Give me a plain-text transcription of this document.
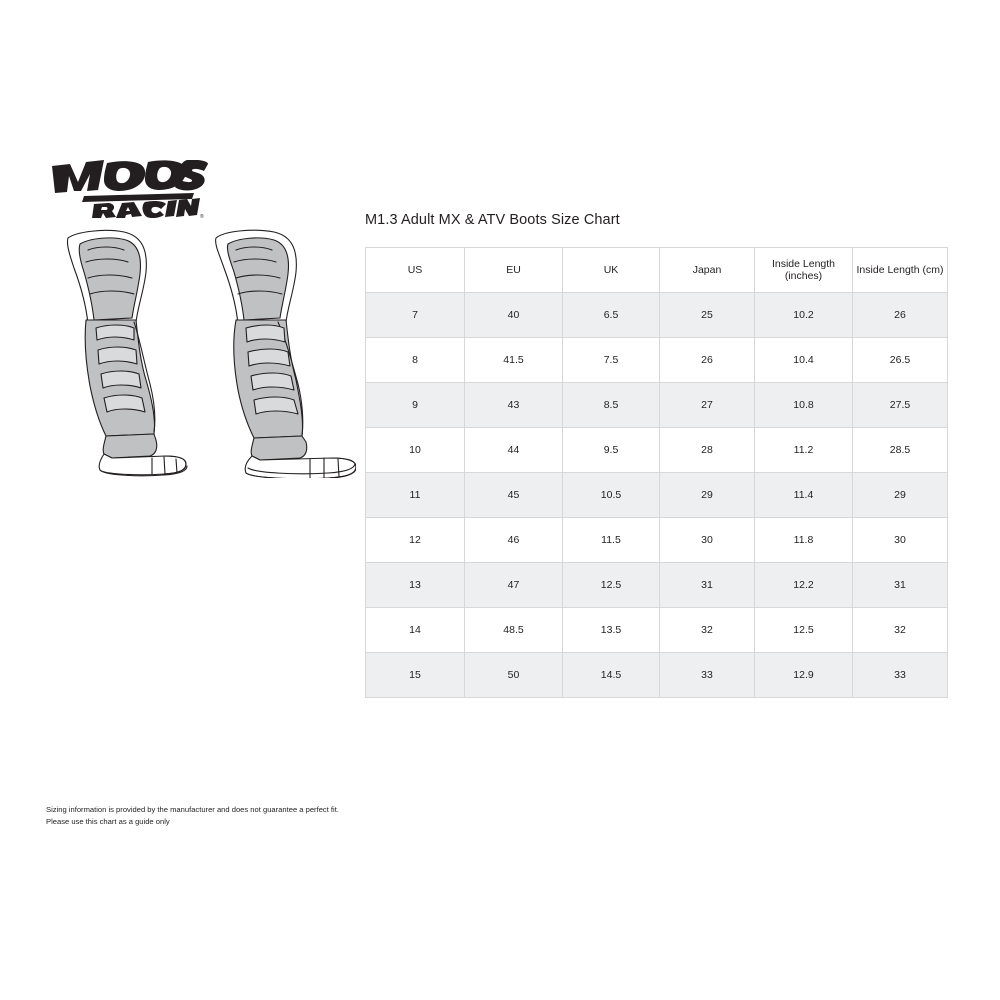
®	M1.3 Adult MX & ATV Boots Size Chart
US	EU	UK	Japan	Inside Length (inches)	Inside Length (cm)
7	40	6.5	25	10.2	26
8	41.5	7.5	26	10.4	26.5
9	43	8.5	27	10.8	27.5
10	44	9.5	28	11.2	28.5
11	45	10.5	29	11.4	29
12	46	11.5	30	11.8	30
13	47	12.5	31	12.2	31
14	48.5	13.5	32	12.5	32
15	50	14.5	33	12.9	33
Sizing information is provided by the manufacturer and does not guarantee a perfect fit.
Please use this chart as a guide only
